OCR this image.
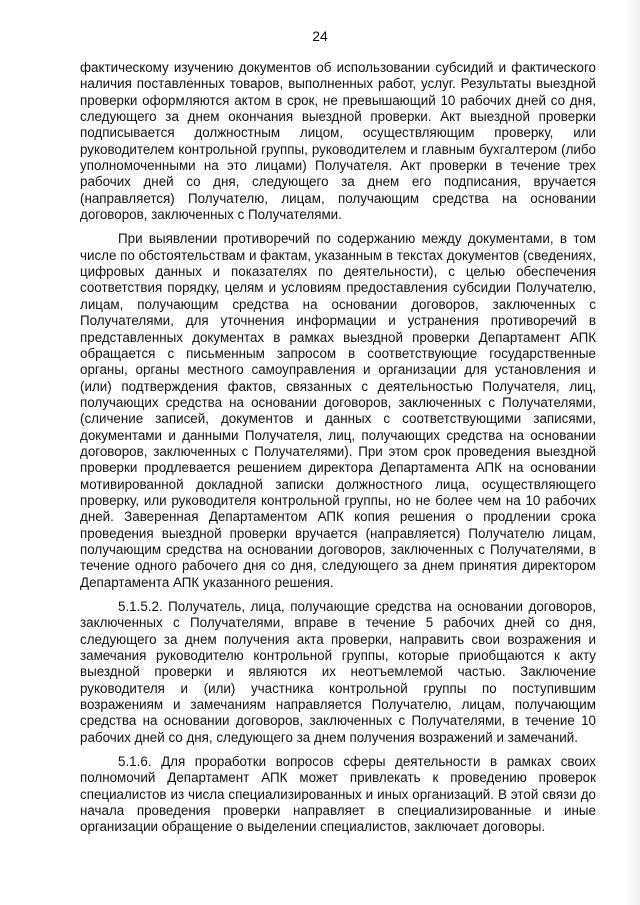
24

фактическому изучению документов об использовании субсидий и фактического наличия поставленных товаров, выполненных работ, услуг. Результаты выездной проверки оформляются актом в срок, не превышающий 10 рабочих дней со дня, следующего за днем окончания выездной проверки. Акт выездной проверки подписывается должностным лицом, осуществляющим проверку, или руководителем контрольной группы, руководителем и главным бухгалтером (либо уполномоченными на это лицами) Получателя. Акт проверки в течение трех рабочих дней со дня, следующего за днем его подписания, вручается (направляется) Получателю, лицам, получающим средства на основании договоров, заключенных с Получателями.

При выявлении противоречий по содержанию между документами, в том числе по обстоятельствам и фактам, указанным в текстах документов (сведениях, цифровых данных и показателях по деятельности), с целью обеспечения соответствия порядку, целям и условиям предоставления субсидии Получателю, лицам, получающим средства на основании договоров, заключенных с Получателями, для уточнения информации и устранения противоречий в представленных документах в рамках выездной проверки Департамент АПК обращается с письменным запросом в соответствующие государственные органы, органы местного самоуправления и организации для установления и (или) подтверждения фактов, связанных с деятельностью Получателя, лиц, получающих средства на основании договоров, заключенных с Получателями, (сличение записей, документов и данных с соответствующими записями, документами и данными Получателя, лиц, получающих средства на основании договоров, заключенных с Получателями). При этом срок проведения выездной проверки продлевается решением директора Департамента АПК на основании мотивированной докладной записки должностного лица, осуществляющего проверку, или руководителя контрольной группы, но не более чем на 10 рабочих дней. Заверенная Департаментом АПК копия решения о продлении срока проведения выездной проверки вручается (направляется) Получателю лицам, получающим средства на основании договоров, заключенных с Получателями, в течение одного рабочего дня со дня, следующего за днем принятия директором Департамента АПК указанного решения.

5.1.5.2. Получатель, лица, получающие средства на основании договоров, заключенных с Получателями, вправе в течение 5 рабочих дней со дня, следующего за днем получения акта проверки, направить свои возражения и замечания руководителю контрольной группы, которые приобщаются к акту выездной проверки и являются их неотъемлемой частью. Заключение руководителя и (или) участника контрольной группы по поступившим возражениям и замечаниям направляется Получателю, лицам, получающим средства на основании договоров, заключенных с Получателями, в течение 10 рабочих дней со дня, следующего за днем получения возражений и замечаний.

5.1.6. Для проработки вопросов сферы деятельности в рамках своих полномочий Департамент АПК может привлекать к проведению проверок специалистов из числа специализированных и иных организаций. В этой связи до начала проведения проверки направляет в специализированные и иные организации обращение о выделении специалистов, заключает договоры.
